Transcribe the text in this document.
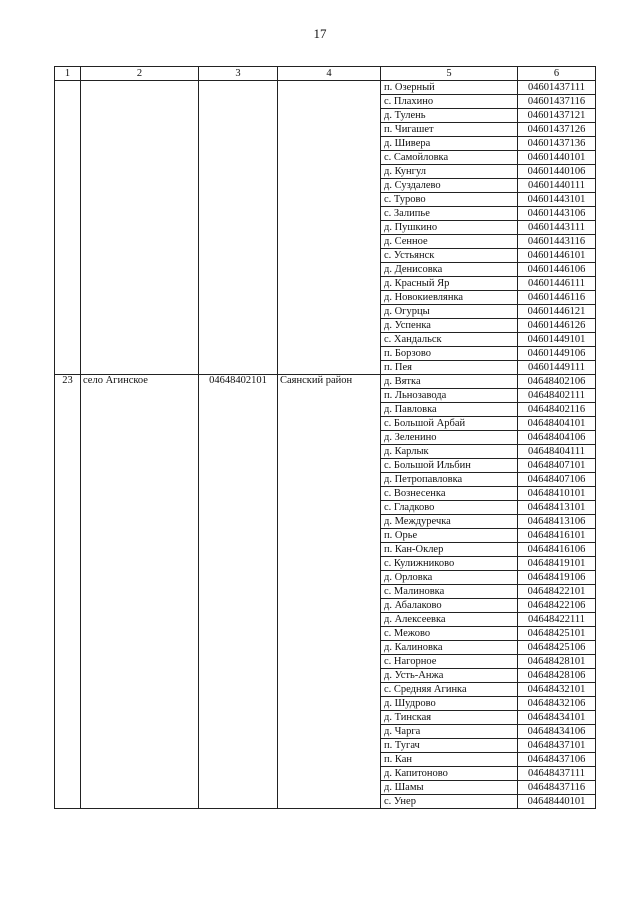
17
1	2	3	4	5	6
				п. Озерный	04601437111
				с. Плахино	04601437116
				д. Тулень	04601437121
				п. Чигашет	04601437126
				д. Шивера	04601437136
				с. Самойловка	04601440101
				д. Кунгул	04601440106
				д. Суздалево	04601440111
				с. Турово	04601443101
				с. Залипье	04601443106
				д. Пушкино	04601443111
				д. Сенное	04601443116
				с. Устьянск	04601446101
				д. Денисовка	04601446106
				д. Красный Яр	04601446111
				д. Новокиевлянка	04601446116
				д. Огурцы	04601446121
				д. Успенка	04601446126
				с. Хандальск	04601449101
				п. Борзово	04601449106
				п. Пея	04601449111
23	село Агинское	04648402101	Саянский район	д. Вятка	04648402106
				п. Льнозавода	04648402111
				д. Павловка	04648402116
				с. Большой Арбай	04648404101
				д. Зеленино	04648404106
				д. Карлык	04648404111
				с. Большой Ильбин	04648407101
				д. Петропавловка	04648407106
				с. Вознесенка	04648410101
				с. Гладково	04648413101
				д. Междуречка	04648413106
				п. Орье	04648416101
				п. Кан-Оклер	04648416106
				с. Кулижниково	04648419101
				д. Орловка	04648419106
				с. Малиновка	04648422101
				д. Абалаково	04648422106
				д. Алексеевка	04648422111
				с. Межово	04648425101
				д. Калиновка	04648425106
				с. Нагорное	04648428101
				д. Усть-Анжа	04648428106
				с. Средняя Агинка	04648432101
				д. Шудрово	04648432106
				д. Тинская	04648434101
				д. Чарга	04648434106
				п. Тугач	04648437101
				п. Кан	04648437106
				д. Капитоново	04648437111
				д. Шамы	04648437116
				с. Унер	04648440101
